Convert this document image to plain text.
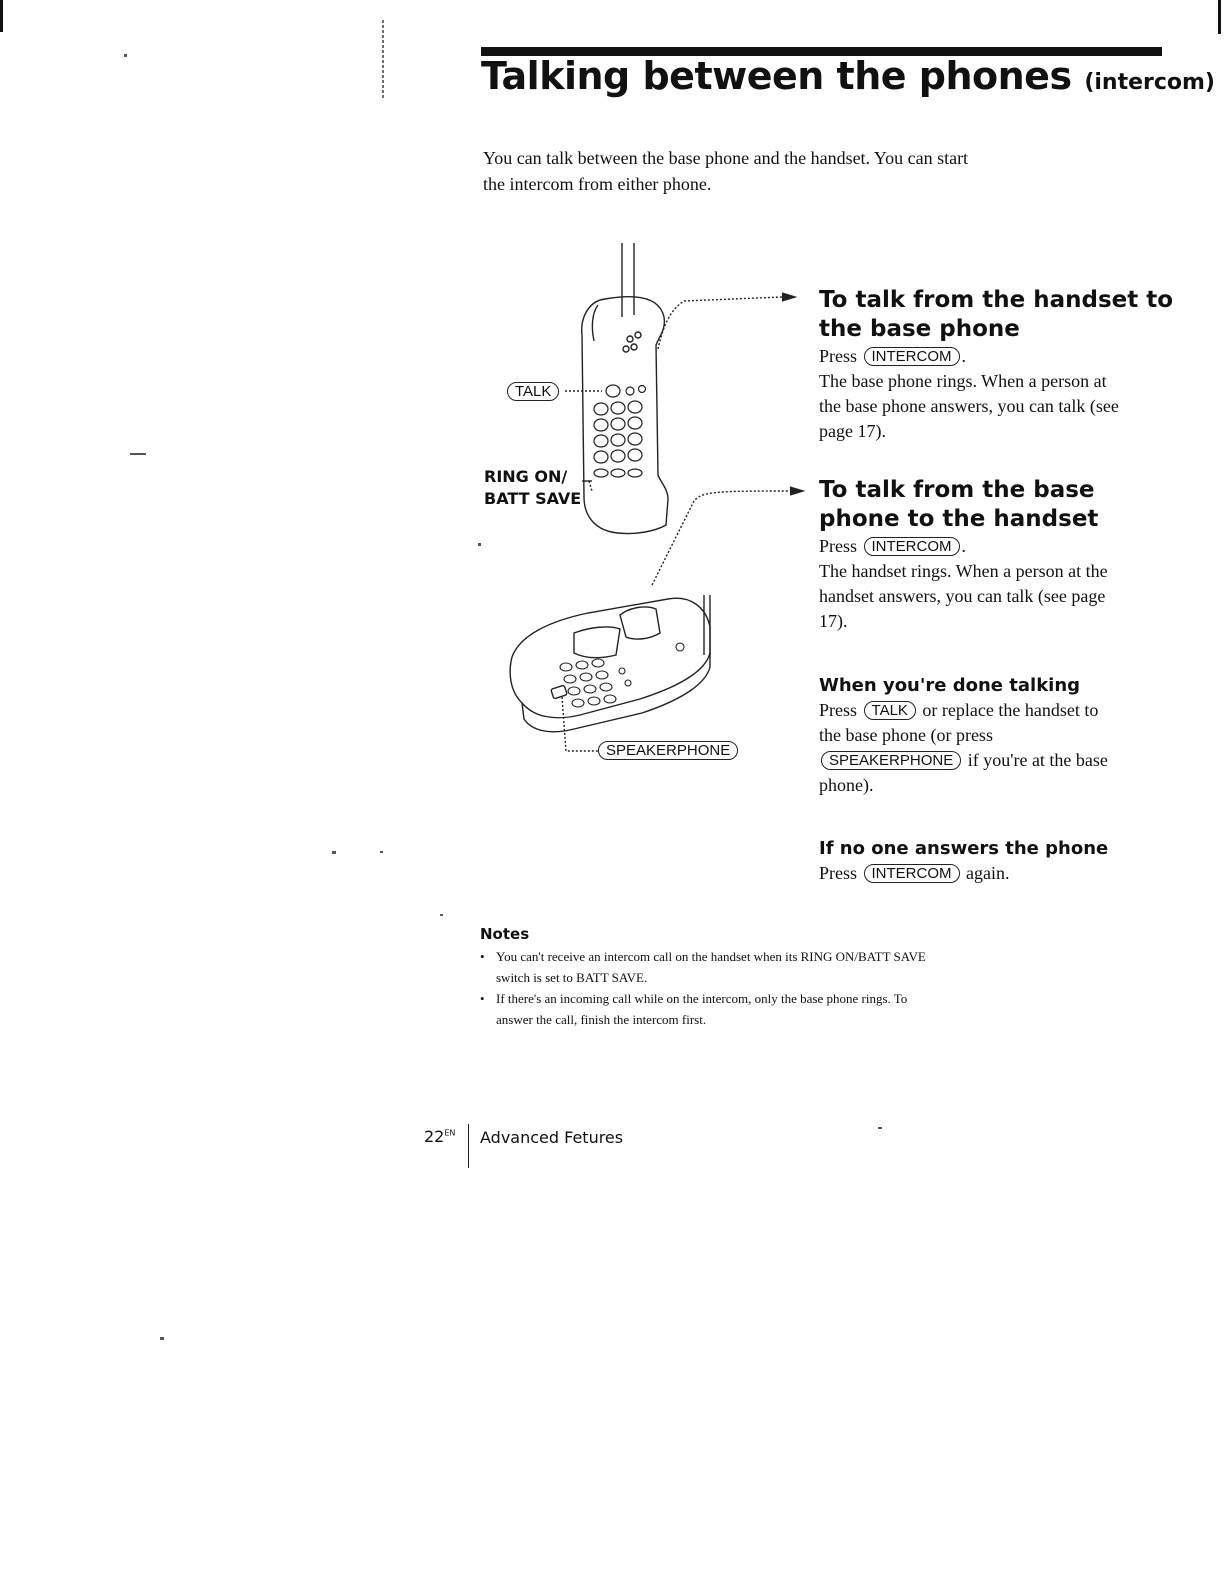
Talking between the phones (intercom)
You can talk between the base phone and the handset. You can start
the intercom from either phone.
TALK
RING ON/
BATT SAVE
SPEAKERPHONE
To talk from the handset to
the base phone
Press INTERCOM .
The base phone rings. When a person at
the base phone answers, you can talk (see
page 17).
To talk from the base
phone to the handset
Press INTERCOM .
The handset rings. When a person at the
handset answers, you can talk (see page
17).
When you're done talking
Press TALK or replace the handset to
the base phone (or press
SPEAKERPHONE if you're at the base
phone).
If no one answers the phone
Press INTERCOM again.
Notes
• You can't receive an intercom call on the handset when its RING ON/BATT SAVE
switch is set to BATT SAVE.
• If there's an incoming call while on the intercom, only the base phone rings. To
answer the call, finish the intercom first.
$22^{EN}$ Advanced Fetures
